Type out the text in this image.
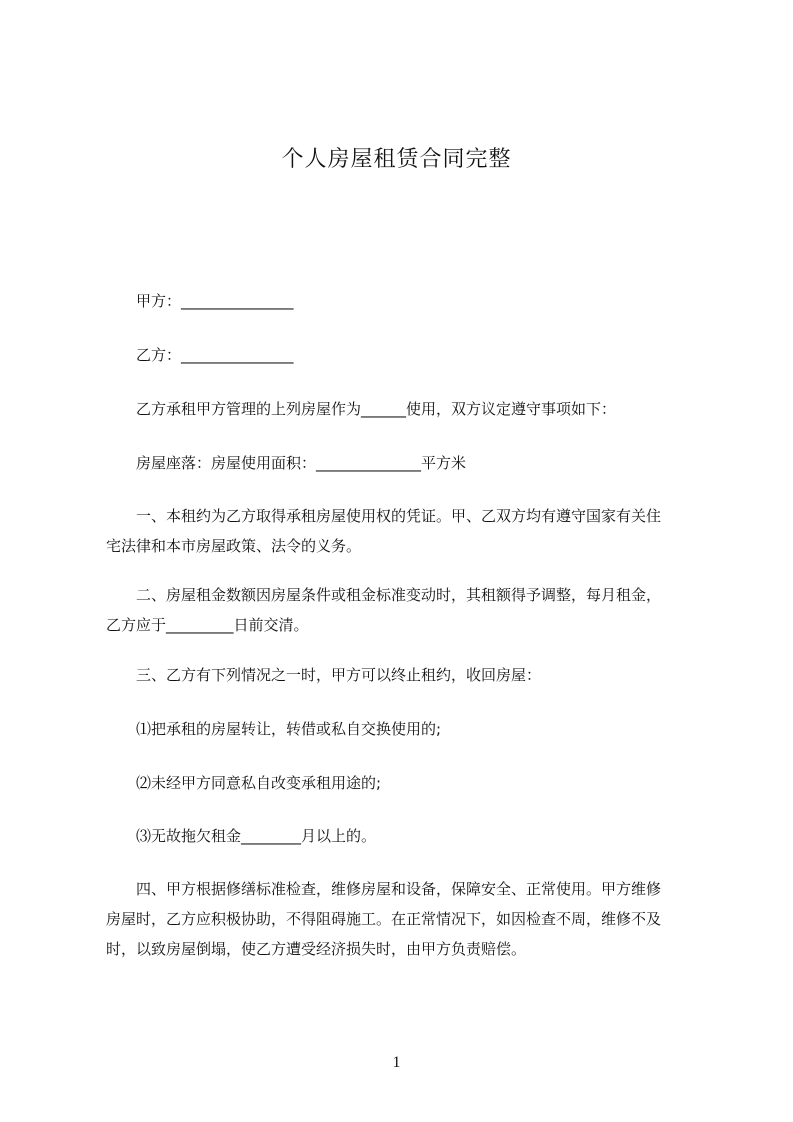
个人房屋租赁合同完整
甲方：_______________
乙方：_______________
乙方承租甲方管理的上列房屋作为______使用，双方议定遵守事项如下：
房屋座落：房屋使用面积：______________平方米
一、本租约为乙方取得承租房屋使用权的凭证。甲、乙双方均有遵守国家有关住
宅法律和本市房屋政策、法令的义务。
二、房屋租金数额因房屋条件或租金标准变动时，其租额得予调整，每月租金，
乙方应于_________日前交清。
三、乙方有下列情况之一时，甲方可以终止租约，收回房屋：
⑴把承租的房屋转让，转借或私自交换使用的;
⑵未经甲方同意私自改变承租用途的;
⑶无故拖欠租金________月以上的。
四、甲方根据修缮标准检查，维修房屋和设备，保障安全、正常使用。甲方维修
房屋时，乙方应积极协助，不得阻碍施工。在正常情况下，如因检查不周，维修不及
时，以致房屋倒塌，使乙方遭受经济损失时，由甲方负责赔偿。
1
